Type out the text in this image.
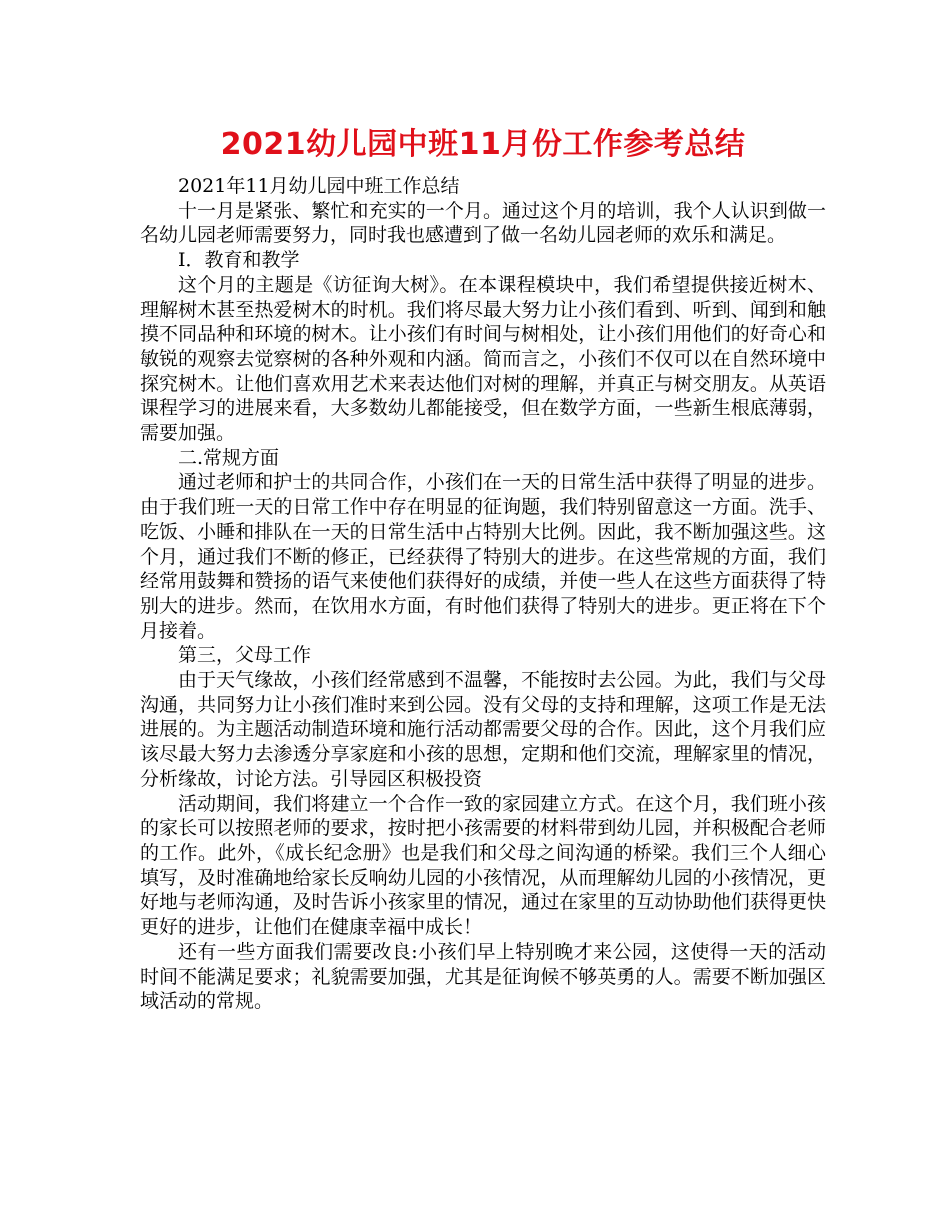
2021幼儿园中班11月份工作参考总结

2021年11月幼儿园中班工作总结

十一月是紧张、繁忙和充实的一个月。通过这个月的培训，我个人认识到做一名幼儿园老师需要努力，同时我也感遭到了做一名幼儿园老师的欢乐和满足。

Ⅰ．教育和教学

这个月的主题是《访征询大树》。在本课程模块中，我们希望提供接近树木、理解树木甚至热爱树木的时机。我们将尽最大努力让小孩们看到、听到、闻到和触摸不同品种和环境的树木。让小孩们有时间与树相处，让小孩们用他们的好奇心和敏锐的观察去觉察树的各种外观和内涵。简而言之，小孩们不仅可以在自然环境中探究树木。让他们喜欢用艺术来表达他们对树的理解，并真正与树交朋友。从英语课程学习的进展来看，大多数幼儿都能接受，但在数学方面，一些新生根底薄弱，需要加强。

二.常规方面

通过老师和护士的共同合作，小孩们在一天的日常生活中获得了明显的进步。由于我们班一天的日常工作中存在明显的征询题，我们特别留意这一方面。洗手、吃饭、小睡和排队在一天的日常生活中占特别大比例。因此，我不断加强这些。这个月，通过我们不断的修正，已经获得了特别大的进步。在这些常规的方面，我们经常用鼓舞和赞扬的语气来使他们获得好的成绩，并使一些人在这些方面获得了特别大的进步。然而，在饮用水方面，有时他们获得了特别大的进步。更正将在下个月接着。

第三，父母工作

由于天气缘故，小孩们经常感到不温馨，不能按时去公园。为此，我们与父母沟通，共同努力让小孩们准时来到公园。没有父母的支持和理解，这项工作是无法进展的。为主题活动制造环境和施行活动都需要父母的合作。因此，这个月我们应该尽最大努力去渗透分享家庭和小孩的思想，定期和他们交流，理解家里的情况，分析缘故，讨论方法。引导园区积极投资

活动期间，我们将建立一个合作一致的家园建立方式。在这个月，我们班小孩的家长可以按照老师的要求，按时把小孩需要的材料带到幼儿园，并积极配合老师的工作。此外，《成长纪念册》也是我们和父母之间沟通的桥梁。我们三个人细心填写，及时准确地给家长反响幼儿园的小孩情况，从而理解幼儿园的小孩情况，更好地与老师沟通，及时告诉小孩家里的情况，通过在家里的互动协助他们获得更快更好的进步，让他们在健康幸福中成长！

还有一些方面我们需要改良:小孩们早上特别晚才来公园，这使得一天的活动时间不能满足要求；礼貌需要加强，尤其是征询候不够英勇的人。需要不断加强区域活动的常规。
